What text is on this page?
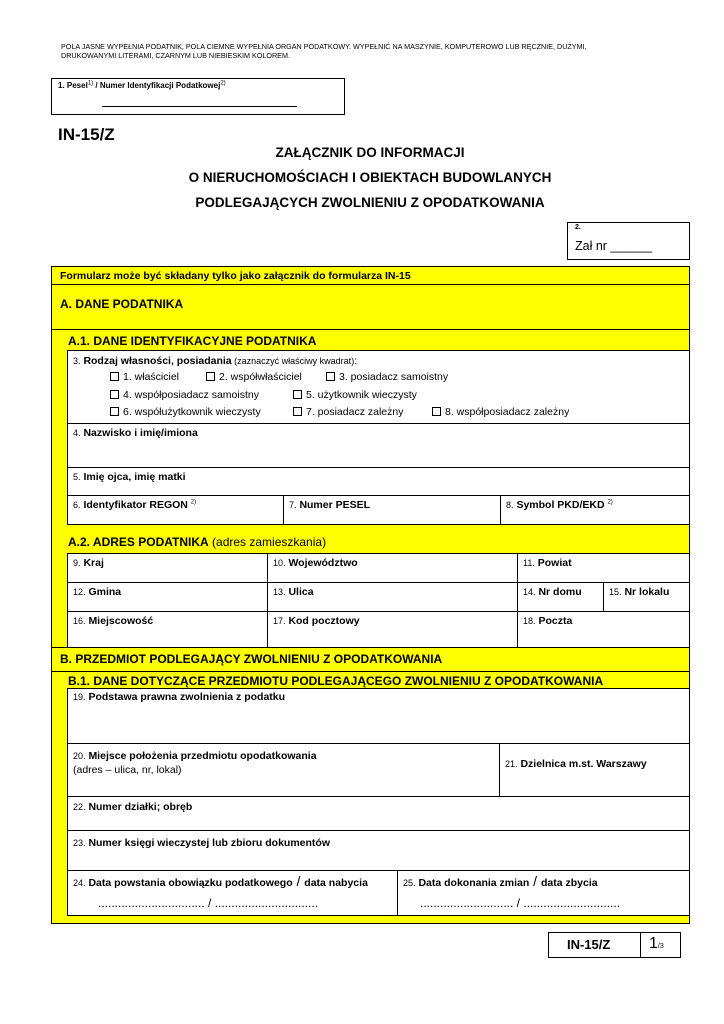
POLA JASNE WYPEŁNIA PODATNIK, POLA CIEMNE WYPEŁNIA ORGAN PODATKOWY. WYPEŁNIĆ NA MASZYNIE, KOMPUTEROWO LUB RĘCZNIE, DUŻYMI, DRUKOWANYMI LITERAMI, CZARNYM LUB NIEBIESKIM KOLOREM.
1. Pesel$^{1)}$ / Numer Identyfikacji Podatkowej$^{2)}$
IN-15/Z
ZAŁĄCZNIK DO INFORMACJI
O NIERUCHOMOŚCIACH I OBIEKTACH BUDOWLANYCH
PODLEGAJĄCYCH ZWOLNIENIU Z OPODATKOWANIA
2.
Zał nr ______
Formularz może być składany tylko jako załącznik do formularza IN-15
A. DANE PODATNIKA
A.1. DANE IDENTYFIKACYJNE PODATNIKA
3. Rodzaj własności, posiadania (zaznaczyć właściwy kwadrat):
1. właściciel	2. współwłaściciel	3. posiadacz samoistny
4. współposiadacz samoistny	5. użytkownik wieczysty
6. współużytkownik wieczysty	7. posiadacz zależny	8. współposiadacz zależny
4. Nazwisko i imię/imiona
5. Imię ojca, imię matki
6. Identyfikator REGON $^{2)}$	7. Numer PESEL	8. Symbol PKD/EKD $^{2)}$
A.2. ADRES PODATNIKA (adres zamieszkania)
9. Kraj	10. Województwo	11. Powiat
12. Gmina	13. Ulica	14. Nr domu	15. Nr lokalu
16. Miejscowość	17. Kod pocztowy	18. Poczta
B. PRZEDMIOT PODLEGAJĄCY ZWOLNIENIU Z OPODATKOWANIA
B.1. DANE DOTYCZĄCE PRZEDMIOTU PODLEGAJĄCEGO ZWOLNIENIU Z OPODATKOWANIA
19. Podstawa prawna zwolnienia z podatku
20. Miejsce położenia przedmiotu opodatkowania
(adres – ulica, nr, lokal)	21. Dzielnica m.st. Warszawy
22. Numer działki; obręb
23. Numer księgi wieczystej lub zbioru dokumentów
24. Data powstania obowiązku podatkowego / data nabycia
................................ / ...............................
25. Data dokonania zmian / data zbycia
............................ / .............................
IN-15/Z 1/3
